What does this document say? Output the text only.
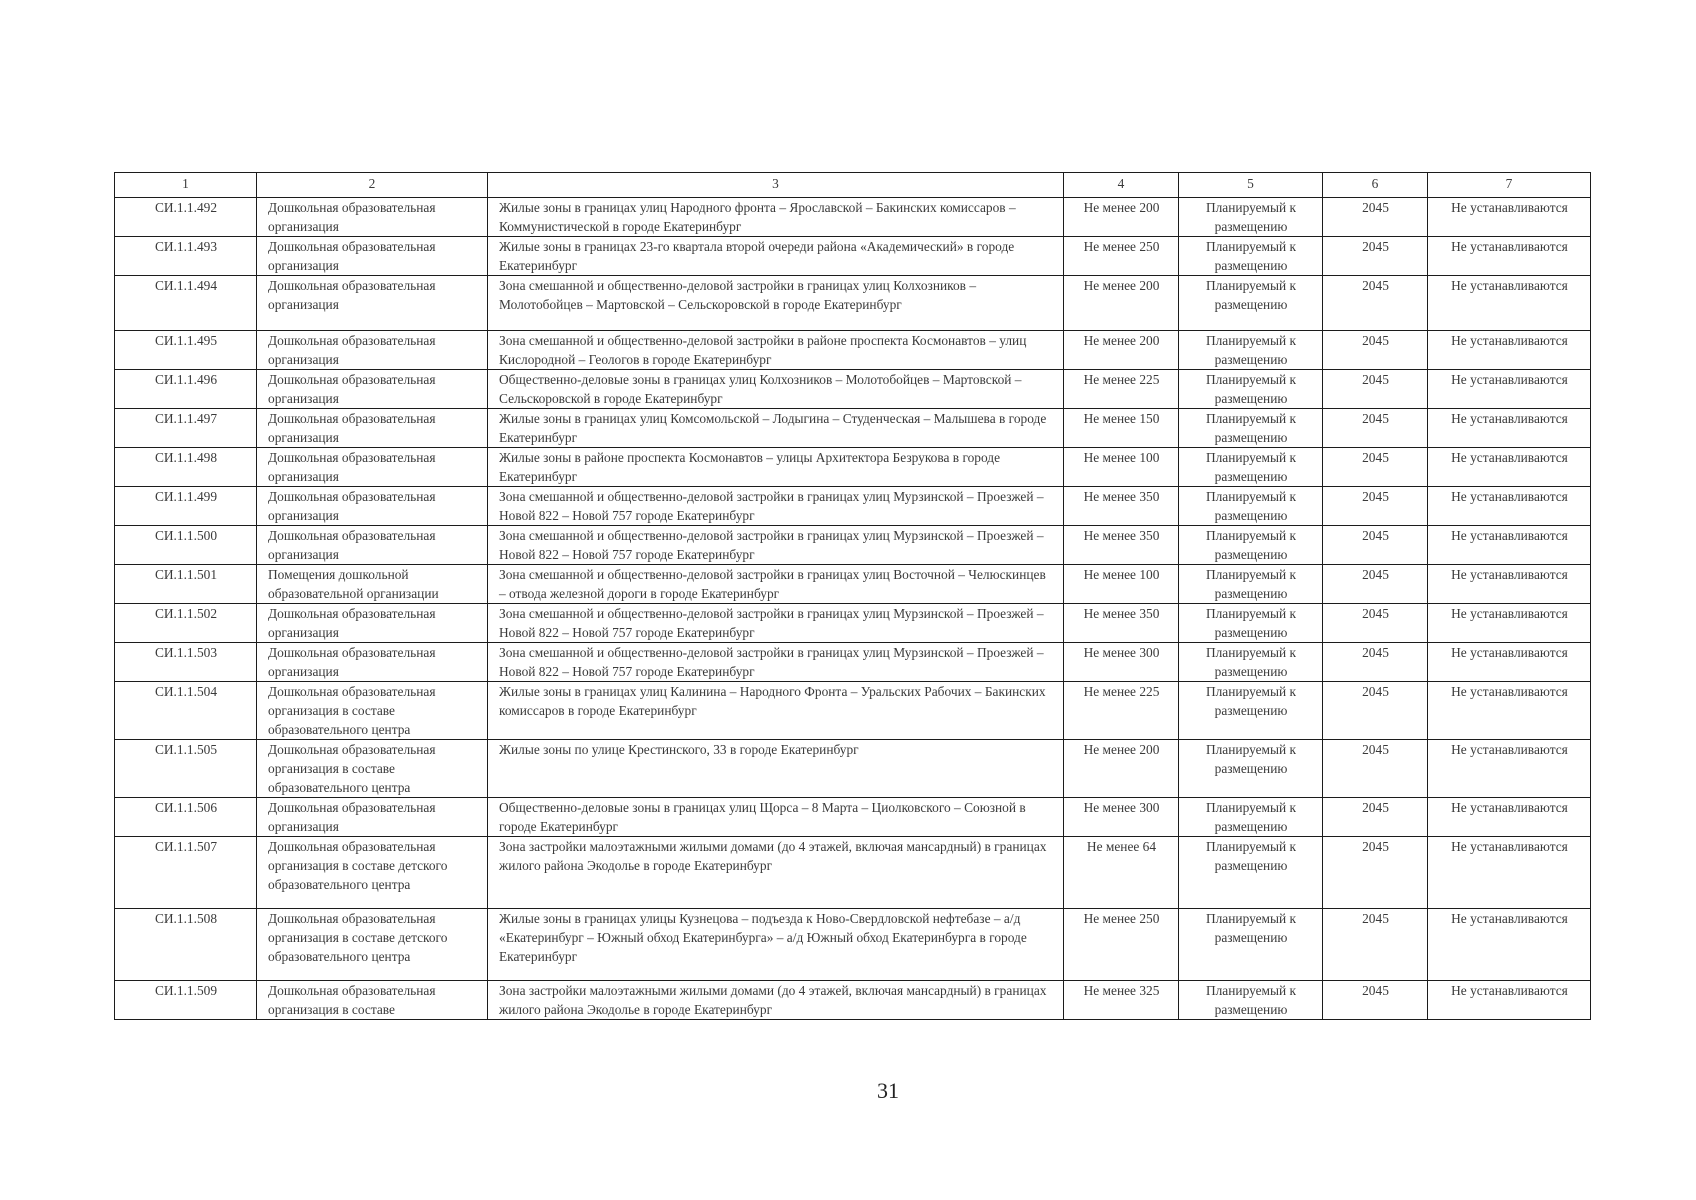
1	2	3	4	5	6	7
СИ.1.1.492	Дошкольная образовательная организация	Жилые зоны в границах улиц Народного фронта – Ярославской – Бакинских комиссаров – Коммунистической в городе Екатеринбург	Не менее 200	Планируемый к размещению	2045	Не устанавливаются
СИ.1.1.493	Дошкольная образовательная организация	Жилые зоны в границах 23-го квартала второй очереди района «Академический» в городе Екатеринбург	Не менее 250	Планируемый к размещению	2045	Не устанавливаются
СИ.1.1.494	Дошкольная образовательная организация	Зона смешанной и общественно-деловой застройки в границах улиц Колхозников – Молотобойцев – Мартовской – Сельскоровской в городе Екатеринбург	Не менее 200	Планируемый к размещению	2045	Не устанавливаются
СИ.1.1.495	Дошкольная образовательная организация	Зона смешанной и общественно-деловой застройки в районе проспекта Космонавтов – улиц Кислородной – Геологов в городе Екатеринбург	Не менее 200	Планируемый к размещению	2045	Не устанавливаются
СИ.1.1.496	Дошкольная образовательная организация	Общественно-деловые зоны в границах улиц Колхозников – Молотобойцев – Мартовской – Сельскоровской в городе Екатеринбург	Не менее 225	Планируемый к размещению	2045	Не устанавливаются
СИ.1.1.497	Дошкольная образовательная организация	Жилые зоны в границах улиц Комсомольской – Лодыгина – Студенческая – Малышева в городе Екатеринбург	Не менее 150	Планируемый к размещению	2045	Не устанавливаются
СИ.1.1.498	Дошкольная образовательная организация	Жилые зоны в районе проспекта Космонавтов – улицы Архитектора Безрукова в городе Екатеринбург	Не менее 100	Планируемый к размещению	2045	Не устанавливаются
СИ.1.1.499	Дошкольная образовательная организация	Зона смешанной и общественно-деловой застройки в границах улиц Мурзинской – Проезжей – Новой 822 – Новой 757 городе Екатеринбург	Не менее 350	Планируемый к размещению	2045	Не устанавливаются
СИ.1.1.500	Дошкольная образовательная организация	Зона смешанной и общественно-деловой застройки в границах улиц Мурзинской – Проезжей – Новой 822 – Новой 757 городе Екатеринбург	Не менее 350	Планируемый к размещению	2045	Не устанавливаются
СИ.1.1.501	Помещения дошкольной образовательной организации	Зона смешанной и общественно-деловой застройки в границах улиц Восточной – Челюскинцев – отвода железной дороги в городе Екатеринбург	Не менее 100	Планируемый к размещению	2045	Не устанавливаются
СИ.1.1.502	Дошкольная образовательная организация	Зона смешанной и общественно-деловой застройки в границах улиц Мурзинской – Проезжей – Новой 822 – Новой 757 городе Екатеринбург	Не менее 350	Планируемый к размещению	2045	Не устанавливаются
СИ.1.1.503	Дошкольная образовательная организация	Зона смешанной и общественно-деловой застройки в границах улиц Мурзинской – Проезжей – Новой 822 – Новой 757 городе Екатеринбург	Не менее 300	Планируемый к размещению	2045	Не устанавливаются
СИ.1.1.504	Дошкольная образовательная организация в составе образовательного центра	Жилые зоны в границах улиц Калинина – Народного Фронта – Уральских Рабочих – Бакинских комиссаров в городе Екатеринбург	Не менее 225	Планируемый к размещению	2045	Не устанавливаются
СИ.1.1.505	Дошкольная образовательная организация в составе образовательного центра	Жилые зоны по улице Крестинского, 33 в городе Екатеринбург	Не менее 200	Планируемый к размещению	2045	Не устанавливаются
СИ.1.1.506	Дошкольная образовательная организация	Общественно-деловые зоны в границах улиц Щорса – 8 Марта – Циолковского – Союзной в городе Екатеринбург	Не менее 300	Планируемый к размещению	2045	Не устанавливаются
СИ.1.1.507	Дошкольная образовательная организация в составе детского образовательного центра	Зона застройки малоэтажными жилыми домами (до 4 этажей, включая мансардный) в границах жилого района Экодолье в городе Екатеринбург	Не менее 64	Планируемый к размещению	2045	Не устанавливаются
СИ.1.1.508	Дошкольная образовательная организация в составе детского образовательного центра	Жилые зоны в границах улицы Кузнецова – подъезда к Ново-Свердловской нефтебазе – а/д «Екатеринбург – Южный обход Екатеринбурга» – а/д Южный обход Екатеринбурга в городе Екатеринбург	Не менее 250	Планируемый к размещению	2045	Не устанавливаются
СИ.1.1.509	Дошкольная образовательная организация в составе	Зона застройки малоэтажными жилыми домами (до 4 этажей, включая мансардный) в границах жилого района Экодолье в городе Екатеринбург	Не менее 325	Планируемый к размещению	2045	Не устанавливаются
31
